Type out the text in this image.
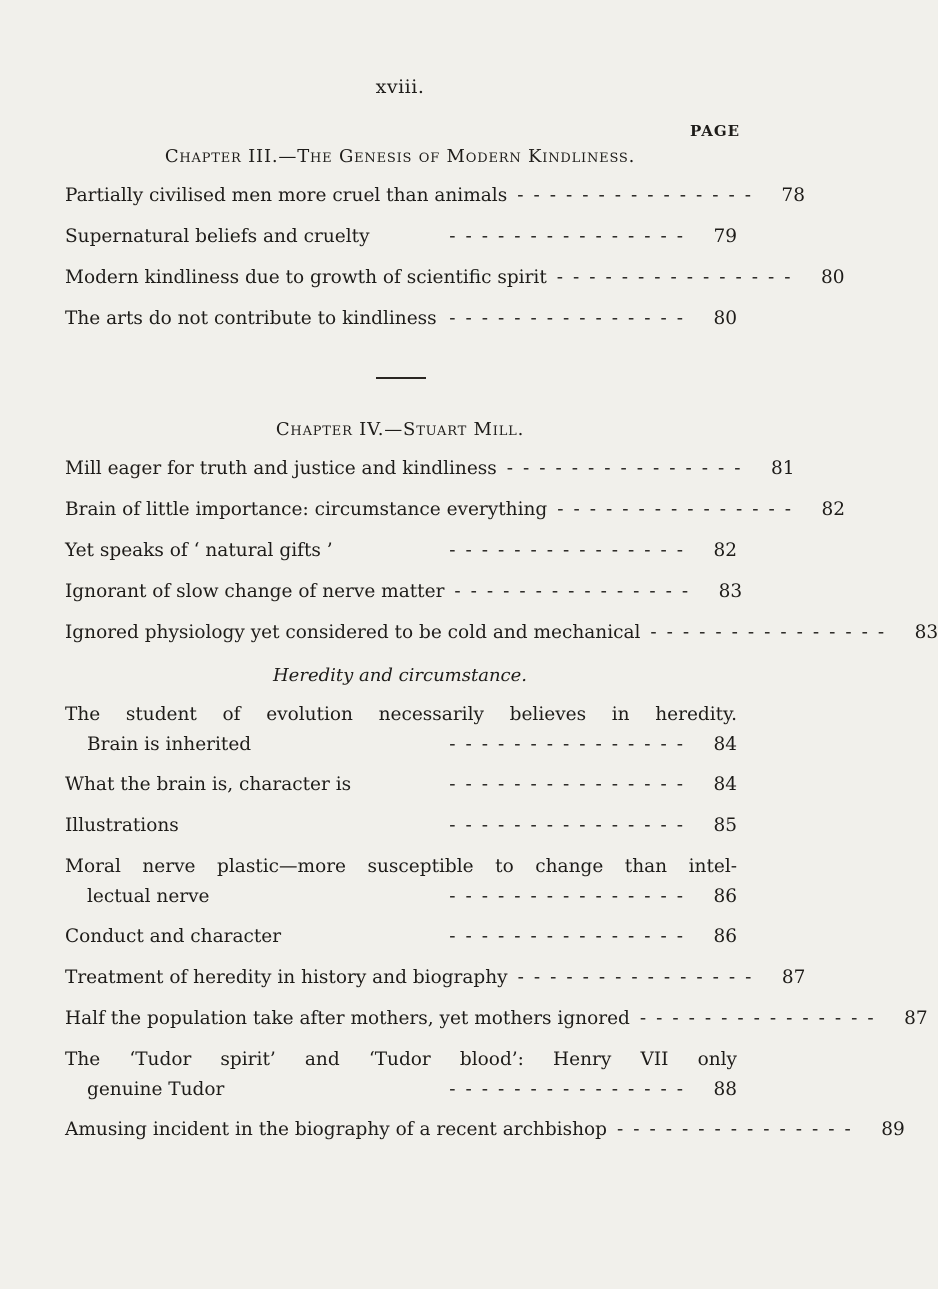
xviii.
PAGE
Chapter III.—The Genesis of Modern Kindliness.
Partially civilised men more cruel than animals ---------------	78
Supernatural beliefs and cruelty	---------------	79
Modern kindliness due to growth of scientific spirit ---------------	80
The arts do not contribute to kindliness ---------------	80
Chapter IV.—Stuart Mill.
Mill eager for truth and justice and kindliness ---------------	81
Brain of little importance: circumstance everything ---------------	82
Yet speaks of ‘ natural gifts ’	---------------	82
Ignorant of slow change of nerve matter ---------------	83
Ignored physiology yet considered to be cold and mechanical ---------------	83
Heredity and circumstance.
The student of evolution necessarily believes in heredity.
Brain is inherited	---------------	84
What the brain is, character is	---------------	84
Illustrations	---------------	85
Moral nerve plastic—more susceptible to change than intel-
lectual nerve	---------------	86
Conduct and character	---------------	86
Treatment of heredity in history and biography ---------------	87
Half the population take after mothers, yet mothers ignored ---------------	87
The ‘Tudor spirit’ and ‘Tudor blood’: Henry VII only
genuine Tudor	---------------	88
Amusing incident in the biography of a recent archbishop ---------------	89
